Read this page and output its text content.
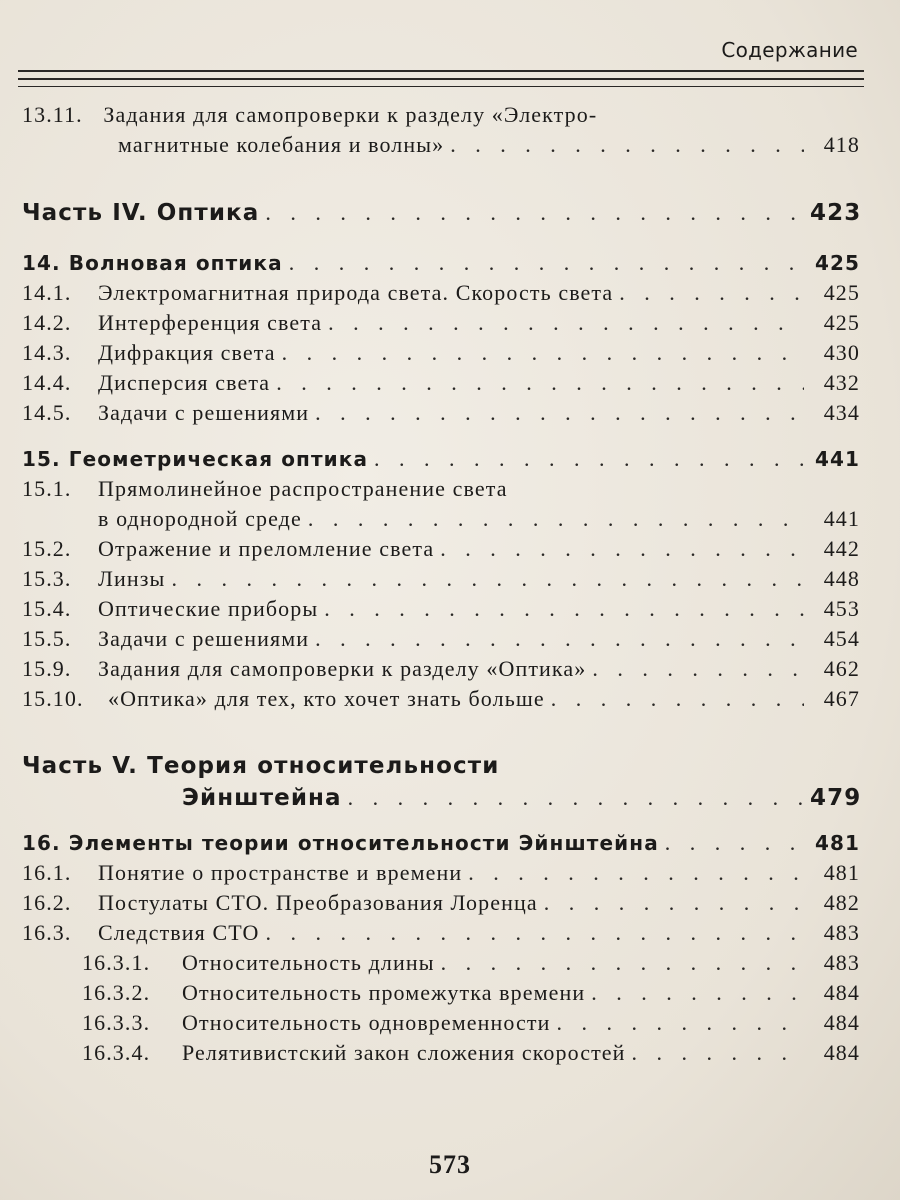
Содержание
13.11. Задания для самопроверки к разделу «Электро-
магнитные колебания и волны» . . .	418
Часть IV. Оптика . . .	423
14. Волновая оптика . . .	425
14.1.	Электромагнитная природа света. Скорость света . . .	425
14.2.	Интерференция света . . .	425
14.3.	Дифракция света . . .	430
14.4.	Дисперсия света . . .	432
14.5.	Задачи с решениями . . .	434
15. Геометрическая оптика . . .	441
15.1. Прямолинейное распространение света
в однородной среде . . .	441
15.2.	Отражение и преломление света . . .	442
15.3.	Линзы . . .	448
15.4.	Оптические приборы . . .	453
15.5.	Задачи с решениями . . .	454
15.9.	Задания для самопроверки к разделу «Оптика» . . .	462
15.10.	«Оптика» для тех, кто хочет знать больше . . .	467
Часть V. Теория относительности
Эйнштейна . . .	479
16. Элементы теории относительности Эйнштейна . . .	481
16.1.	Понятие о пространстве и времени . . .	481
16.2.	Постулаты СТО. Преобразования Лоренца . . .	482
16.3.	Следствия СТО . . .	483
16.3.1.	Относительность длины . . .	483
16.3.2.	Относительность промежутка времени . . .	484
16.3.3.	Относительность одновременности . . .	484
16.3.4.	Релятивистский закон сложения скоростей . . .	484
573
